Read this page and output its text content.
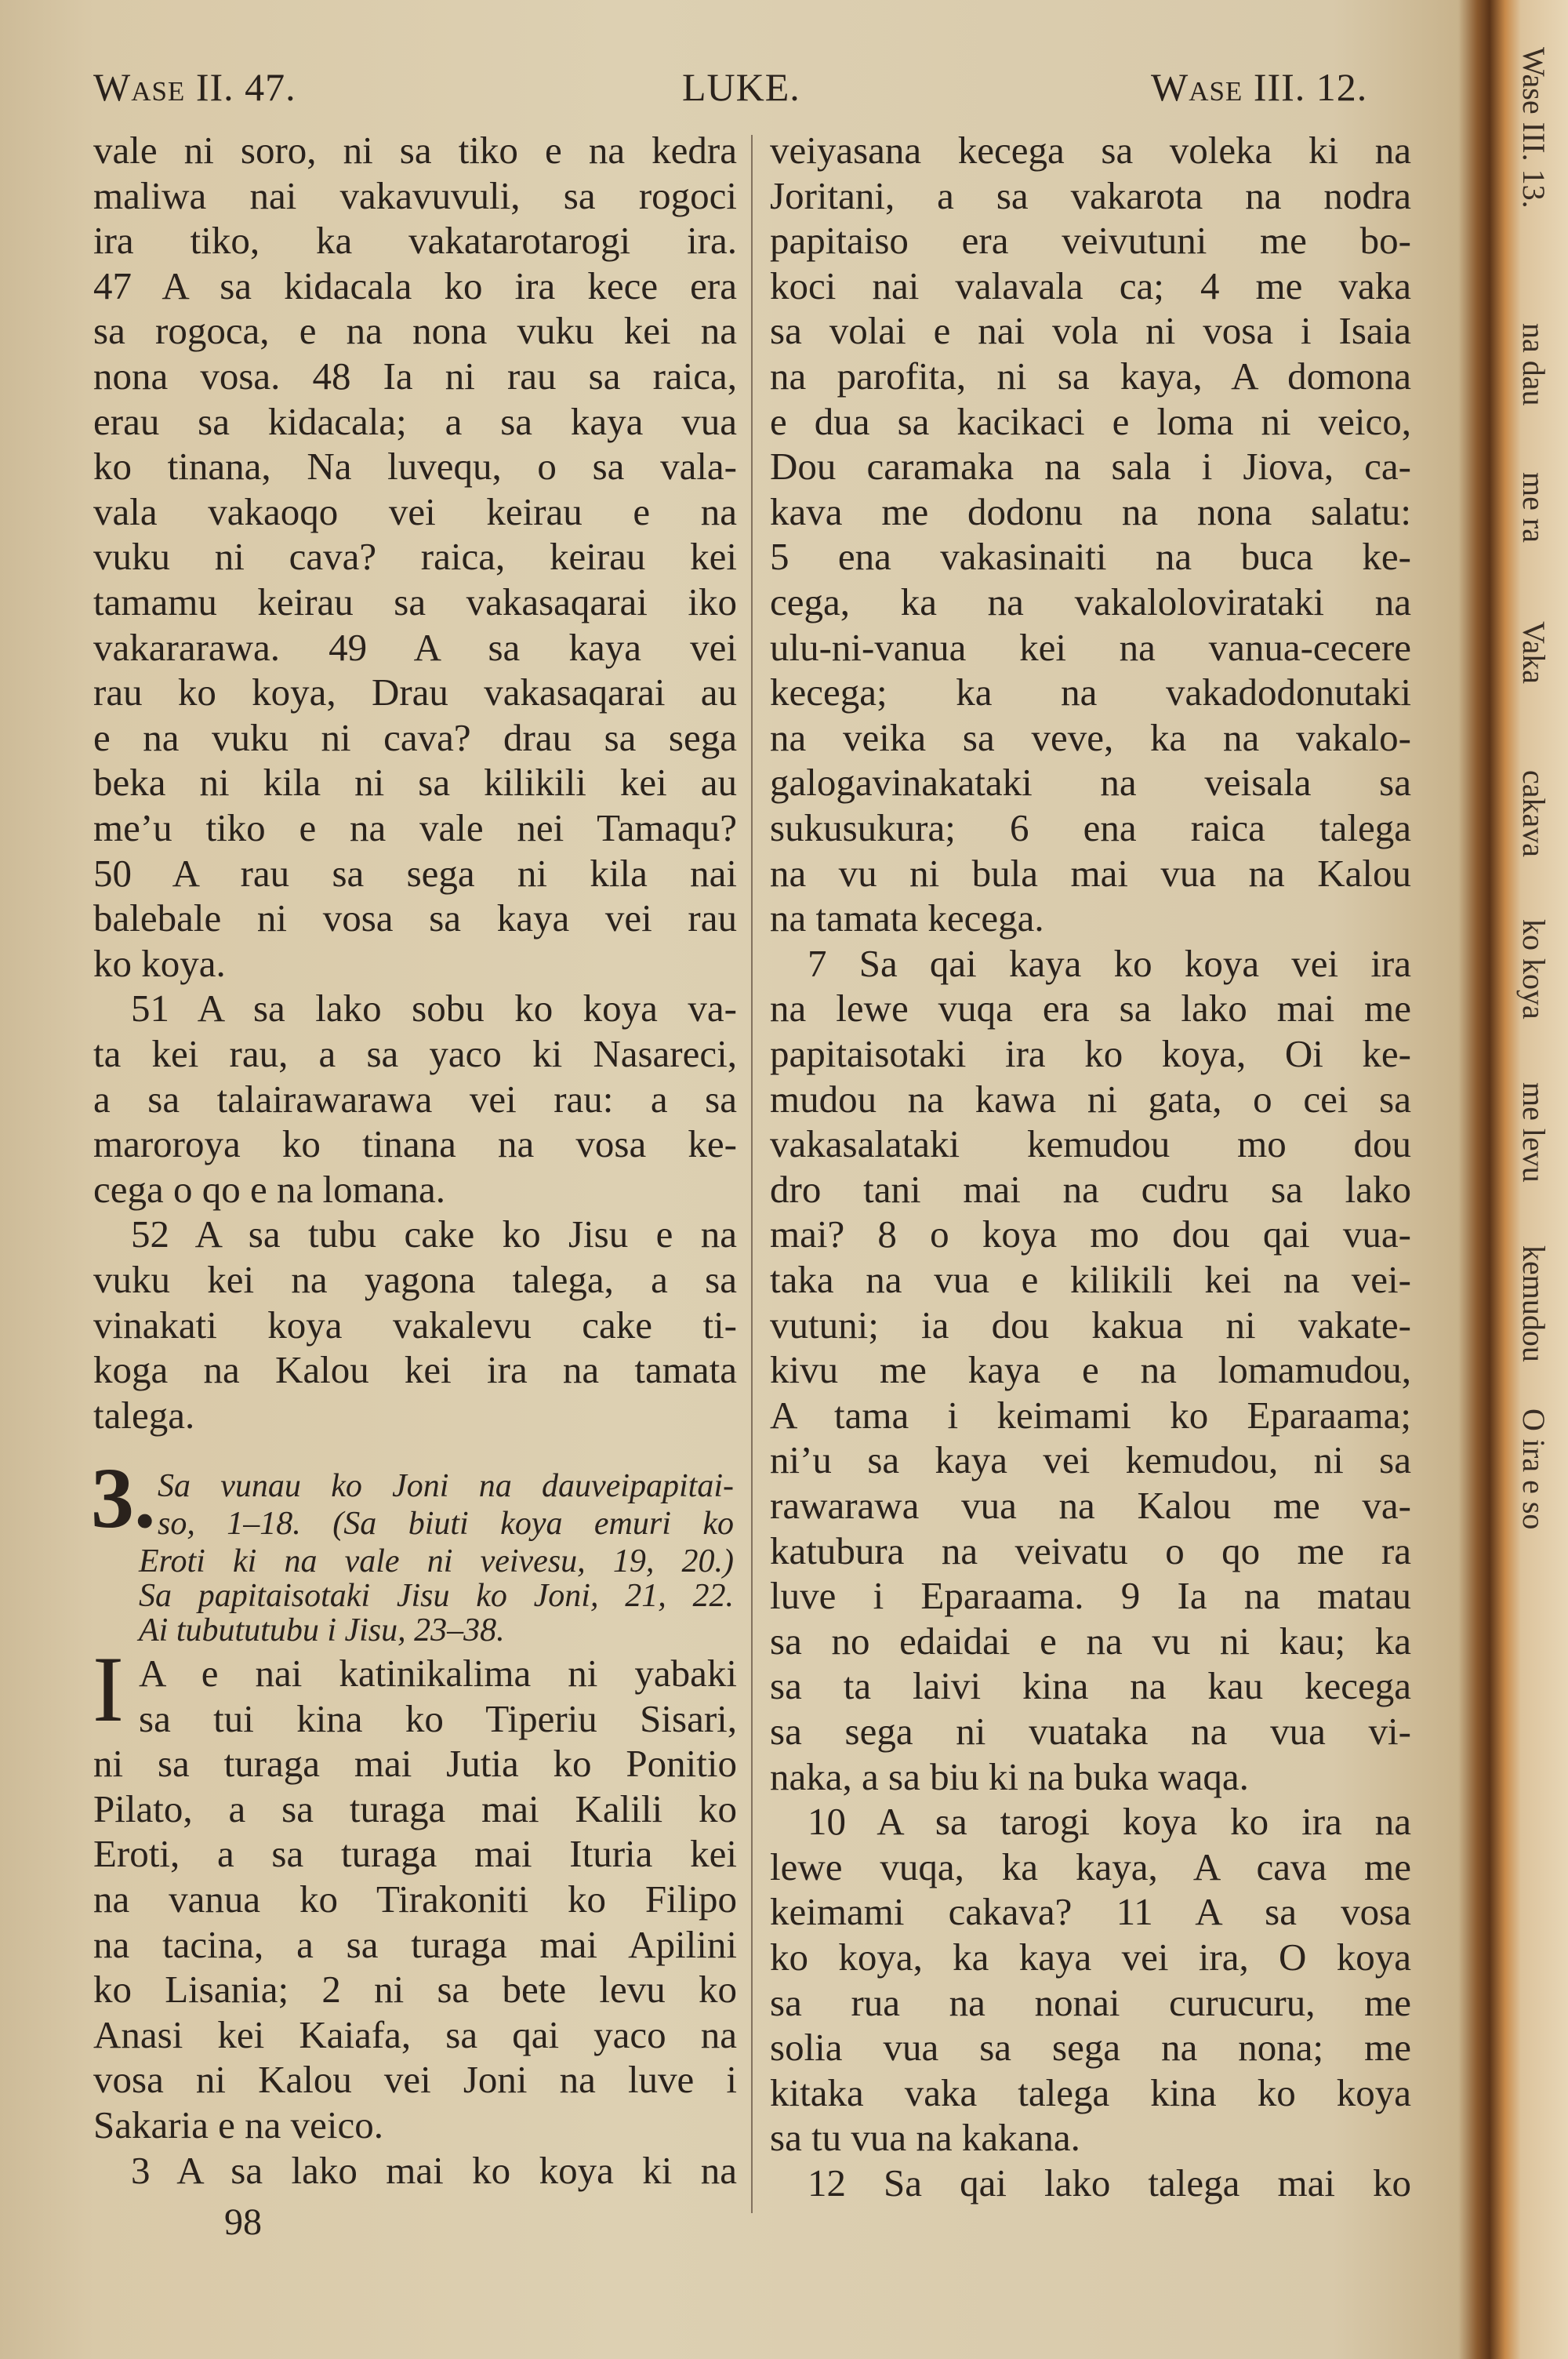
Wase II. 47.	LUKE.	Wase III. 12.
vale ni soro, ni sa tiko e na kedra
maliwa nai vakavuvuli, sa rogoci
ira tiko, ka vakatarotarogi ira.
47 A sa kidacala ko ira kece era
sa rogoca, e na nona vuku kei na
nona vosa. 48 Ia ni rau sa raica,
erau sa kidacala; a sa kaya vua
ko tinana, Na luvequ, o sa vala-
vala vakaoqo vei keirau e na
vuku ni cava? raica, keirau kei
tamamu keirau sa vakasaqarai iko
vakararawa. 49 A sa kaya vei
rau ko koya, Drau vakasaqarai au
e na vuku ni cava? drau sa sega
beka ni kila ni sa kilikili kei au
me’u tiko e na vale nei Tamaqu?
50 A rau sa sega ni kila nai
balebale ni vosa sa kaya vei rau
ko koya.
51 A sa lako sobu ko koya va-
ta kei rau, a sa yaco ki Nasareci,
a sa talairawarawa vei rau: a sa
maroroya ko tinana na vosa ke-
cega o qo e na lomana.
52 A sa tubu cake ko Jisu e na
vuku kei na yagona talega, a sa
vinakati koya vakalevu cake ti-
koga na Kalou kei ira na tamata
talega.
3. Sa vunau ko Joni na dauveipapitai-
so, 1–18. (Sa biuti koya emuri ko
Eroti ki na vale ni veivesu, 19, 20.)
Sa papitaisotaki Jisu ko Joni, 21, 22.
Ai tubututubu i Jisu, 23–38.
I A e nai katinikalima ni yabaki
sa tui kina ko Tiperiu Sisari,
ni sa turaga mai Jutia ko Ponitio
Pilato, a sa turaga mai Kalili ko
Eroti, a sa turaga mai Ituria kei
na vanua ko Tirakoniti ko Filipo
na tacina, a sa turaga mai Apilini
ko Lisania; 2 ni sa bete levu ko
Anasi kei Kaiafa, sa qai yaco na
vosa ni Kalou vei Joni na luve i
Sakaria e na veico.
3 A sa lako mai ko koya ki na
veiyasana kecega sa voleka ki na
Joritani, a sa vakarota na nodra
papitaiso era veivutuni me bo-
koci nai valavala ca; 4 me vaka
sa volai e nai vola ni vosa i Isaia
na parofita, ni sa kaya, A domona
e dua sa kacikaci e loma ni veico,
Dou caramaka na sala i Jiova, ca-
kava me dodonu na nona salatu:
5 ena vakasinaiti na buca ke-
cega, ka na vakalolovirataki na
ulu-ni-vanua kei na vanua-cecere
kecega; ka na vakadodonutaki
na veika sa veve, ka na vakalo-
galogavinakataki na veisala sa
sukusukura; 6 ena raica talega
na vu ni bula mai vua na Kalou
na tamata kecega.
7 Sa qai kaya ko koya vei ira
na lewe vuqa era sa lako mai me
papitaisotaki ira ko koya, Oi ke-
mudou na kawa ni gata, o cei sa
vakasalataki kemudou mo dou
dro tani mai na cudru sa lako
mai? 8 o koya mo dou qai vua-
taka na vua e kilikili kei na vei-
vutuni; ia dou kakua ni vakate-
kivu me kaya e na lomamudou,
A tama i keimami ko Eparaama;
ni’u sa kaya vei kemudou, ni sa
rawarawa vua na Kalou me va-
katubura na veivatu o qo me ra
luve i Eparaama. 9 Ia na matau
sa no edaidai e na vu ni kau; ka
sa ta laivi kina na kau kecega
sa sega ni vuataka na vua vi-
naka, a sa biu ki na buka waqa.
10 A sa tarogi koya ko ira na
lewe vuqa, ka kaya, A cava me
keimami cakava? 11 A sa vosa
ko koya, ka kaya vei ira, O koya
sa rua na nonai curucuru, me
solia vua sa sega na nona; me
kitaka vaka talega kina ko koya
sa tu vua na kakana.
12 Sa qai lako talega mai ko
98
Wase III. 13.
na dau
me ra
Vaka
cakava
ko koya
me levu
kemudou
O ira e so
